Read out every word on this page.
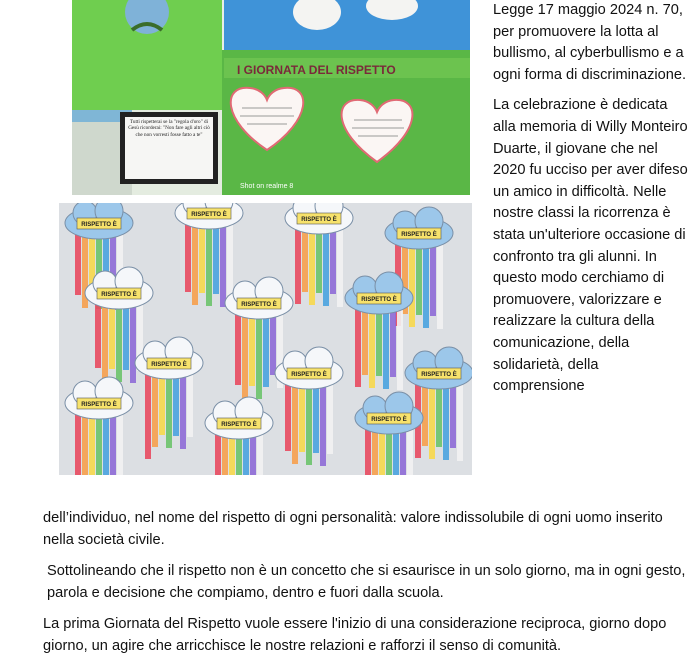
I GIORNATA DEL RISPETTO
Tutti rispetterai se la "regola d'oro" di Gesù ricorderai: "Non fare agli altri ciò che non vorresti fosse fatto a te"
Shot on realme 8

Legge 17 maggio 2024 n. 70, per promuovere la lotta al bullismo, al cyberbullismo e a ogni forma di discriminazione.

La celebrazione è dedicata alla memoria di Willy Monteiro Duarte, il giovane che nel 2020 fu ucciso per aver difeso un amico in difficoltà. Nelle nostre classi la ricorrenza è stata un'ulteriore occasione di confronto tra gli alunni. In questo modo cerchiamo di promuovere, valorizzare e realizzare la cultura della comunicazione, della solidarietà, della comprensione

RISPETTO È
RISPETTO È
RISPETTO È
RISPETTO È
RISPETTO È
RISPETTO È
RISPETTO È
RISPETTO È
RISPETTO È	RISPETTO È
RISPETTO È
RISPETTO È
RISPETTO È

dell’individuo, nel nome del rispetto di ogni personalità: valore indissolubile di ogni uomo inserito nella società civile.

Sottolineando che il rispetto non è un concetto che si esaurisce in un solo giorno, ma in ogni gesto, parola e decisione che compiamo, dentro e fuori dalla scuola.

La prima Giornata del Rispetto vuole essere l'inizio di una considerazione reciproca, giorno dopo giorno, un agire che arricchisce le nostre relazioni e rafforzi il senso di comunità.
